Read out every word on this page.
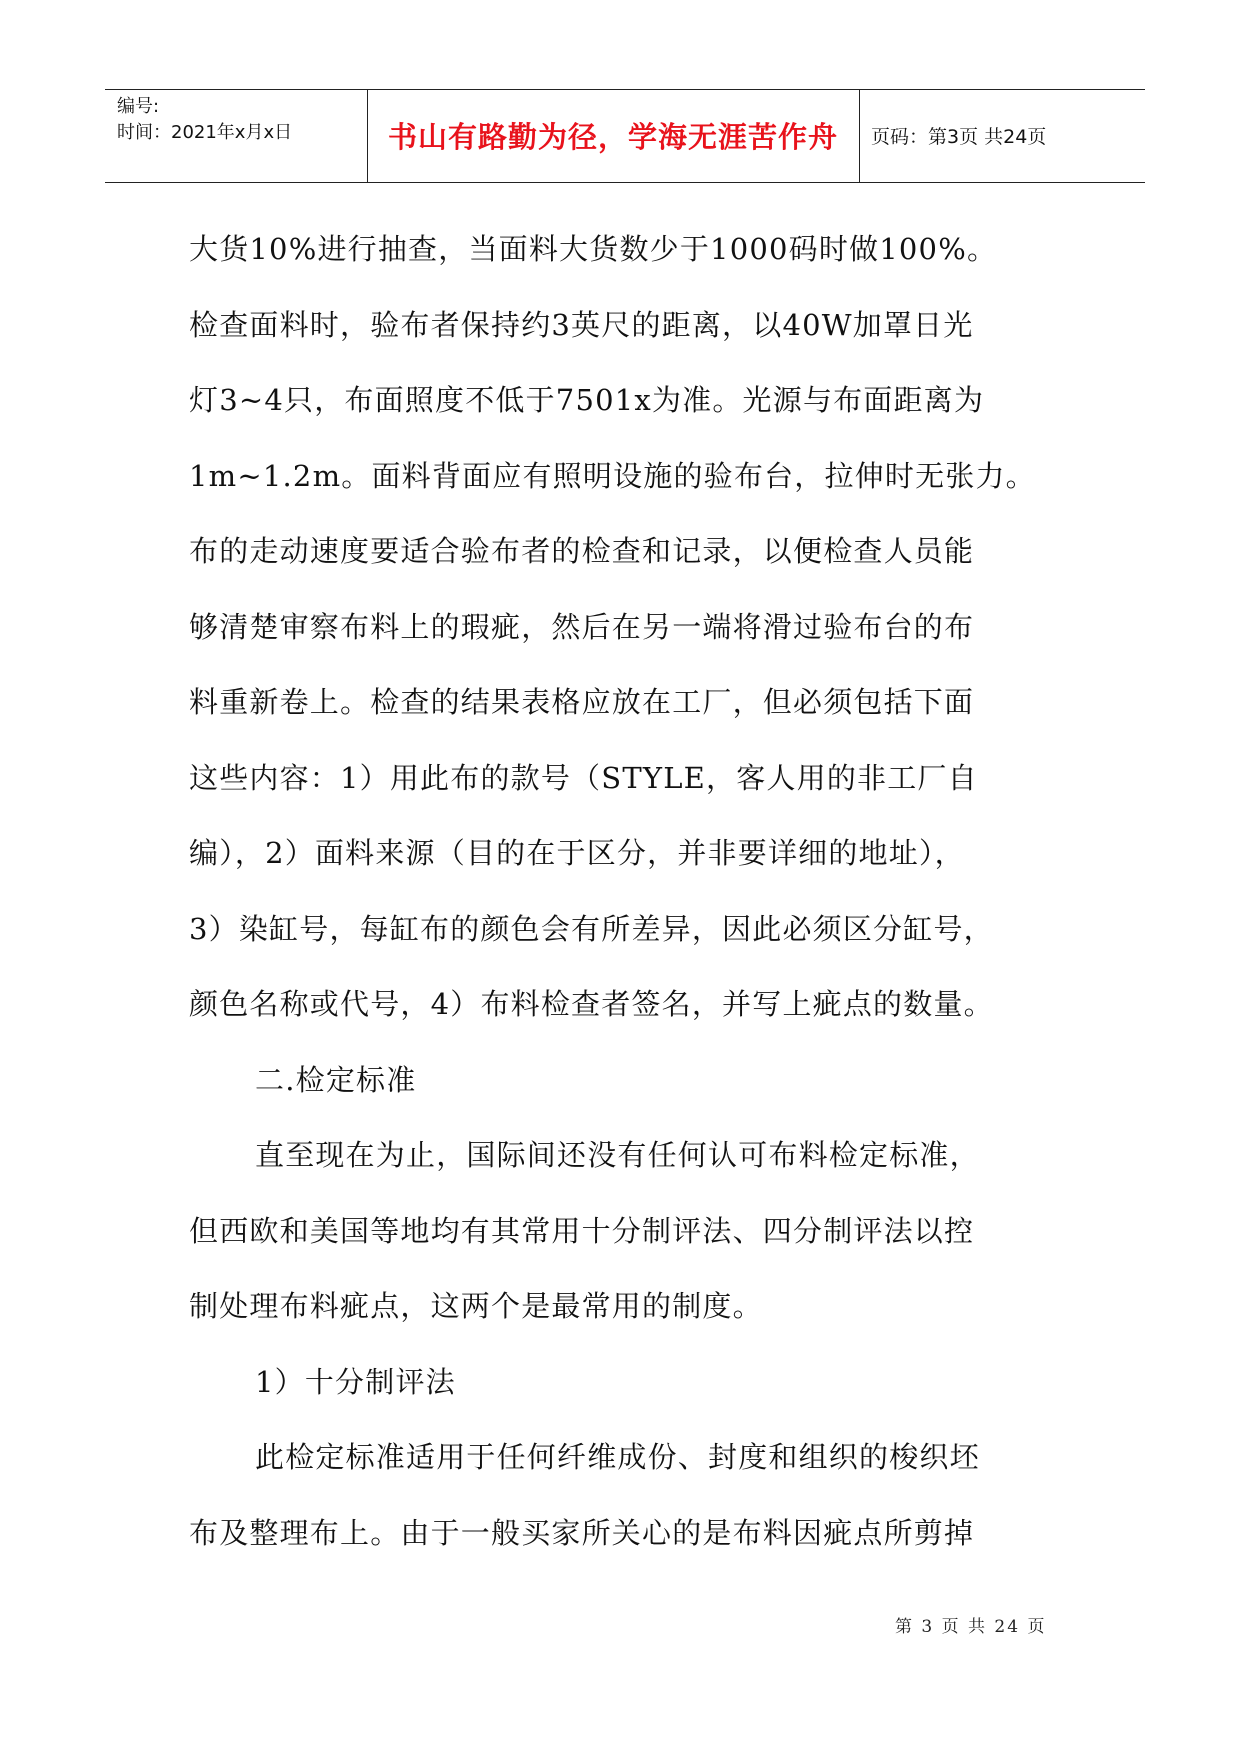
编号:
时间：2021年x月x日	书山有路勤为径，学海无涯苦作舟	页码：第3页 共24页
大货10%进行抽查，当面料大货数少于1000码时做100%。
检查面料时，验布者保持约3英尺的距离，以40W加罩日光
灯3~4只，布面照度不低于7501x为准。光源与布面距离为
1m~1.2m。面料背面应有照明设施的验布台，拉伸时无张力。
布的走动速度要适合验布者的检查和记录，以便检查人员能
够清楚审察布料上的瑕疵，然后在另一端将滑过验布台的布
料重新卷上。检查的结果表格应放在工厂，但必须包括下面
这些内容：1）用此布的款号（STYLE，客人用的非工厂自
编），2）面料来源（目的在于区分，并非要详细的地址），
3）染缸号，每缸布的颜色会有所差异，因此必须区分缸号，
颜色名称或代号，4）布料检查者签名，并写上疵点的数量。
二.检定标准
直至现在为止，国际间还没有任何认可布料检定标准，
但西欧和美国等地均有其常用十分制评法、四分制评法以控
制处理布料疵点，这两个是最常用的制度。
1）十分制评法
此检定标准适用于任何纤维成份、封度和组织的梭织坯
布及整理布上。由于一般买家所关心的是布料因疵点所剪掉
第 3 页 共 24 页
